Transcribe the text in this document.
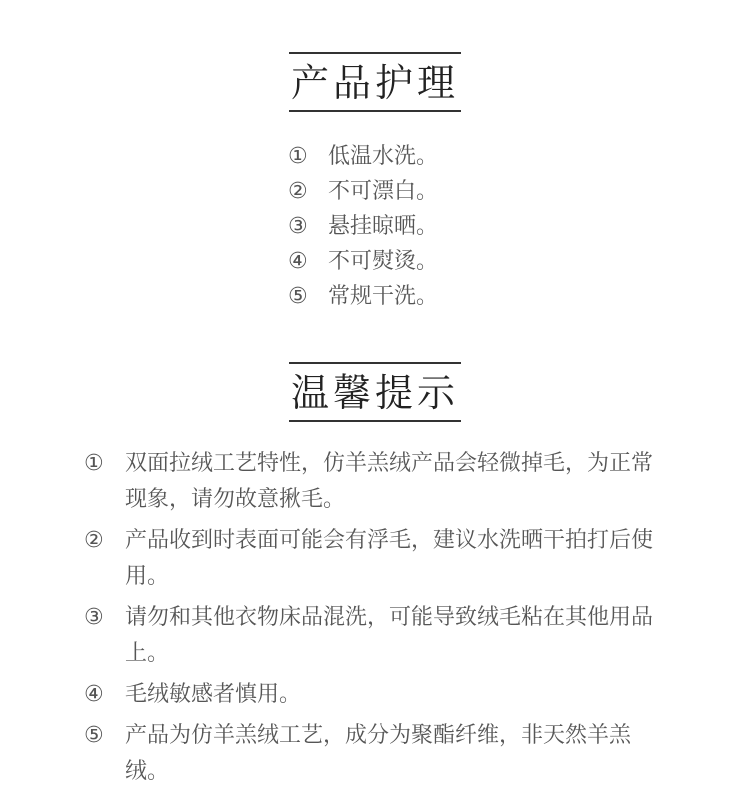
产品护理
① 低温水洗。
② 不可漂白。
③ 悬挂晾晒。
④ 不可熨烫。
⑤ 常规干洗。
温馨提示
① 双面拉绒工艺特性，仿羊羔绒产品会轻微掉毛，为正常现象，请勿故意揪毛。
② 产品收到时表面可能会有浮毛，建议水洗晒干拍打后使用。
③ 请勿和其他衣物床品混洗，可能导致绒毛粘在其他用品上。
④ 毛绒敏感者慎用。
⑤ 产品为仿羊羔绒工艺，成分为聚酯纤维，非天然羊羔绒。
